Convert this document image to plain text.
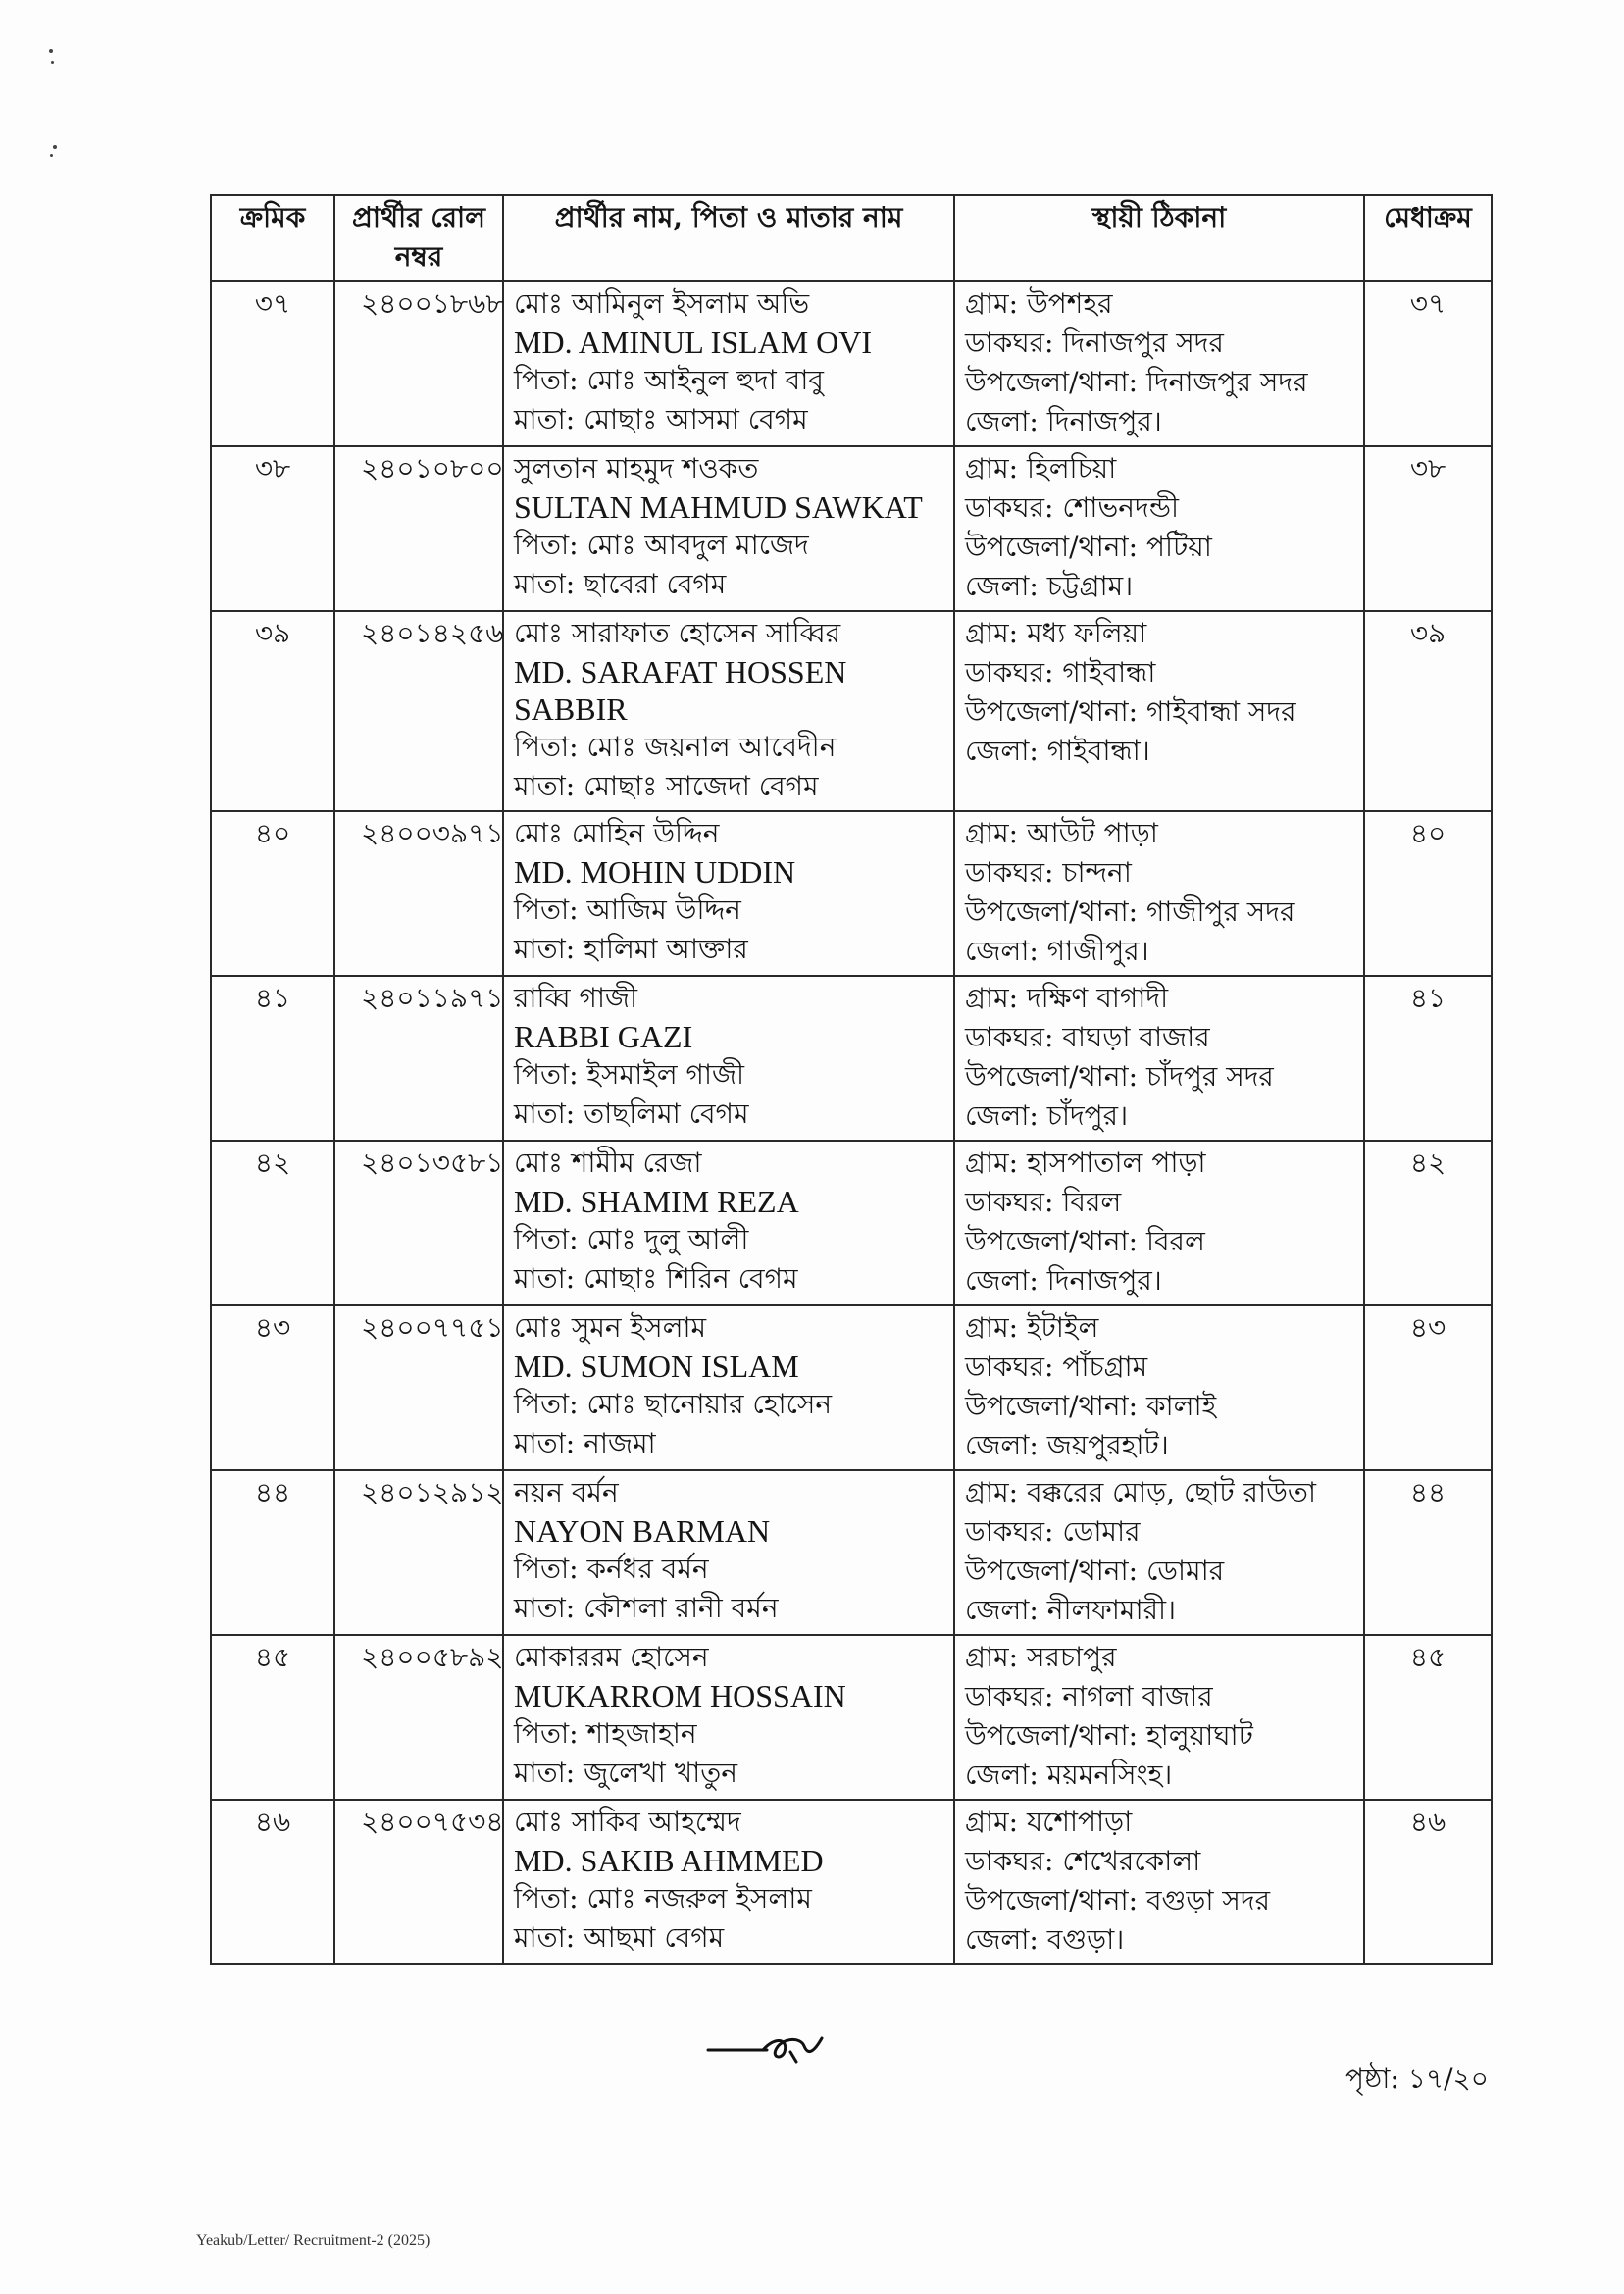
ক্রমিক	প্রার্থীর রোল নম্বর	প্রার্থীর নাম, পিতা ও মাতার নাম	স্থায়ী ঠিকানা	মেধাক্রম
৩৭	২৪০০১৮৬৮	মোঃ আমিনুল ইসলাম অভি
MD. AMINUL ISLAM OVI
পিতা: মোঃ আইনুল হুদা বাবু
মাতা: মোছাঃ আসমা বেগম	গ্রাম: উপশহর
ডাকঘর: দিনাজপুর সদর
উপজেলা/থানা: দিনাজপুর সদর
জেলা: দিনাজপুর।	৩৭
৩৮	২৪০১০৮০০	সুলতান মাহমুদ শওকত
SULTAN MAHMUD SAWKAT
পিতা: মোঃ আবদুল মাজেদ
মাতা: ছাবেরা বেগম	গ্রাম: হিলচিয়া
ডাকঘর: শোভনদন্ডী
উপজেলা/থানা: পটিয়া
জেলা: চট্টগ্রাম।	৩৮
৩৯	২৪০১৪২৫৬	মোঃ সারাফাত হোসেন সাব্বির
MD. SARAFAT HOSSEN SABBIR
পিতা: মোঃ জয়নাল আবেদীন
মাতা: মোছাঃ সাজেদা বেগম	গ্রাম: মধ্য ফলিয়া
ডাকঘর: গাইবান্ধা
উপজেলা/থানা: গাইবান্ধা সদর
জেলা: গাইবান্ধা।	৩৯
৪০	২৪০০৩৯৭১	মোঃ মোহিন উদ্দিন
MD. MOHIN UDDIN
পিতা: আজিম উদ্দিন
মাতা: হালিমা আক্তার	গ্রাম: আউট পাড়া
ডাকঘর: চান্দনা
উপজেলা/থানা: গাজীপুর সদর
জেলা: গাজীপুর।	৪০
৪১	২৪০১১৯৭১	রাব্বি গাজী
RABBI GAZI
পিতা: ইসমাইল গাজী
মাতা: তাছলিমা বেগম	গ্রাম: দক্ষিণ বাগাদী
ডাকঘর: বাঘড়া বাজার
উপজেলা/থানা: চাঁদপুর সদর
জেলা: চাঁদপুর।	৪১
৪২	২৪০১৩৫৮১	মোঃ শামীম রেজা
MD. SHAMIM REZA
পিতা: মোঃ দুলু আলী
মাতা: মোছাঃ শিরিন বেগম	গ্রাম: হাসপাতাল পাড়া
ডাকঘর: বিরল
উপজেলা/থানা: বিরল
জেলা: দিনাজপুর।	৪২
৪৩	২৪০০৭৭৫১	মোঃ সুমন ইসলাম
MD. SUMON ISLAM
পিতা: মোঃ ছানোয়ার হোসেন
মাতা: নাজমা	গ্রাম: ইটাইল
ডাকঘর: পাঁচগ্রাম
উপজেলা/থানা: কালাই
জেলা: জয়পুরহাট।	৪৩
৪৪	২৪০১২৯১২	নয়ন বর্মন
NAYON BARMAN
পিতা: কর্নধর বর্মন
মাতা: কৌশলা রানী বর্মন	গ্রাম: বক্করের মোড়, ছোট রাউতা
ডাকঘর: ডোমার
উপজেলা/থানা: ডোমার
জেলা: নীলফামারী।	৪৪
৪৫	২৪০০৫৮৯২	মোকাররম হোসেন
MUKARROM HOSSAIN
পিতা: শাহজাহান
মাতা: জুলেখা খাতুন	গ্রাম: সরচাপুর
ডাকঘর: নাগলা বাজার
উপজেলা/থানা: হালুয়াঘাট
জেলা: ময়মনসিংহ।	৪৫
৪৬	২৪০০৭৫৩৪	মোঃ সাকিব আহম্মেদ
MD. SAKIB AHMMED
পিতা: মোঃ নজরুল ইসলাম
মাতা: আছমা বেগম	গ্রাম: যশোপাড়া
ডাকঘর: শেখেরকোলা
উপজেলা/থানা: বগুড়া সদর
জেলা: বগুড়া।	৪৬
পৃষ্ঠা: ১৭/২০
Yeakub/Letter/ Recruitment-2 (2025)
